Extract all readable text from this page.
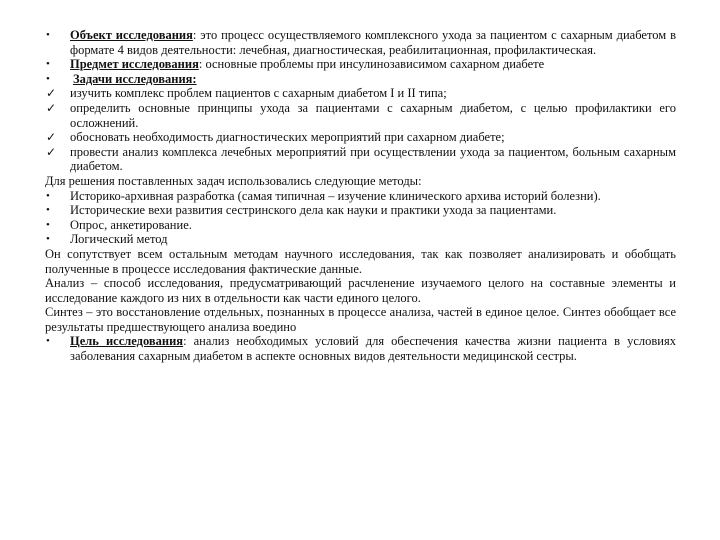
•	Объект исследования: это процесс осуществляемого комплексного ухода за пациентом с сахарным диабетом в формате 4 видов деятельности: лечебная, диагностическая, реабилитационная, профилактическая.
•	Предмет исследования: основные проблемы при инсулинозависимом сахарном диабете
•	Задачи исследования:
✓	изучить комплекс проблем пациентов с сахарным диабетом I и II типа;
✓	определить основные принципы ухода за пациентами с сахарным диабетом, с целью профилактики его осложнений.
✓	обосновать необходимость диагностических мероприятий при сахарном диабете;
✓	провести анализ комплекса лечебных мероприятий при осуществлении ухода за пациентом, больным сахарным диабетом.
Для решения поставленных задач использовались следующие методы:
•	Историко-архивная разработка (самая типичная – изучение клинического архива историй болезни).
•	Исторические вехи развития сестринского дела как науки и практики ухода за пациентами.
•	Опрос, анкетирование.
•	Логический метод
Он сопутствует всем остальным методам научного исследования, так как позволяет анализировать и обобщать полученные в процессе исследования фактические данные.
Анализ – способ исследования, предусматривающий расчленение изучаемого целого на составные элементы и исследование каждого из них в отдельности как части единого целого.
Синтез – это восстановление отдельных, познанных в процессе анализа, частей в единое целое. Синтез обобщает все результаты предшествующего анализа воедино
•	Цель исследования: анализ необходимых условий для обеспечения качества жизни пациента в условиях заболевания сахарным диабетом в аспекте основных видов деятельности медицинской сестры.
